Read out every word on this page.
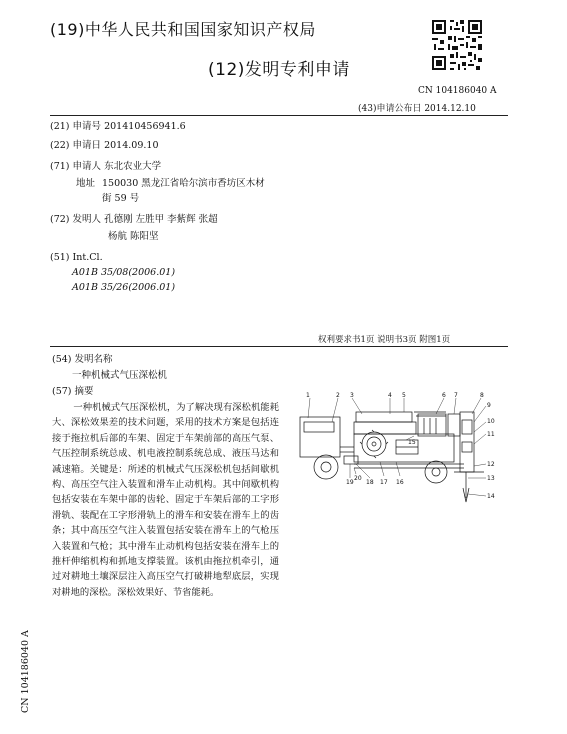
(19)中华人民共和国国家知识产权局
(12)发明专利申请
CN 104186040 A
(43)申请公布日 2014.12.10
(21) 申请号 201410456941.6
(22) 申请日 2014.09.10
(71) 申请人 东北农业大学
地址 150030 黑龙江省哈尔滨市香坊区木材
街 59 号
(72) 发明人 孔德刚 左胜甲 李紫辉 张超
杨航 陈阳坚
(51) Int.Cl.
A01B 35/08(2006.01)
A01B 35/26(2006.01)
权利要求书1页 说明书3页 附图1页
(54) 发明名称
一种机械式气压深松机
(57) 摘要

一种机械式气压深松机，为了解决现有深松机能耗大、深松效果差的技术问题，采用的技术方案是包括连接于拖拉机后部的车架、固定于车架前部的高压气泵、气压控制系统总成、机电液控制系统总成、液压马达和减速箱。关键是：所述的机械式气压深松机包括间歇机构、高压空气注入装置和滑车止动机构。其中间歇机构包括安装在车架中部的齿轮、固定于车架后部的工字形滑轨、装配在工字形滑轨上的滑车和安装在滑车上的齿条；其中高压空气注入装置包括安装在滑车上的气枪压入装置和气枪；其中滑车止动机构包括安装在滑车上的推杆伸缩机构和抓地支撑装置。该机由拖拉机牵引，通过对耕地土壤深层注入高压空气打破耕地犁底层，实现对耕地的深松。深松效果好、节省能耗。

1	2 3	4 5	6 7	8
9
10
11
12
13
14
15
16
17
18
19
20
CN 104186040 A
